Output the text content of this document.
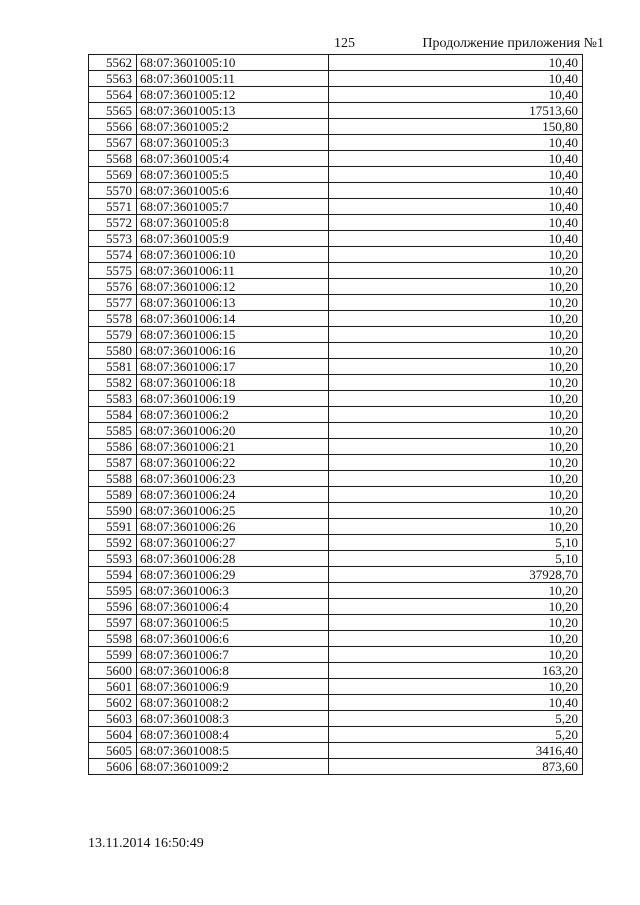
125	Продолжение приложения №1
5562	68:07:3601005:10	10,40
5563	68:07:3601005:11	10,40
5564	68:07:3601005:12	10,40
5565	68:07:3601005:13	17513,60
5566	68:07:3601005:2	150,80
5567	68:07:3601005:3	10,40
5568	68:07:3601005:4	10,40
5569	68:07:3601005:5	10,40
5570	68:07:3601005:6	10,40
5571	68:07:3601005:7	10,40
5572	68:07:3601005:8	10,40
5573	68:07:3601005:9	10,40
5574	68:07:3601006:10	10,20
5575	68:07:3601006:11	10,20
5576	68:07:3601006:12	10,20
5577	68:07:3601006:13	10,20
5578	68:07:3601006:14	10,20
5579	68:07:3601006:15	10,20
5580	68:07:3601006:16	10,20
5581	68:07:3601006:17	10,20
5582	68:07:3601006:18	10,20
5583	68:07:3601006:19	10,20
5584	68:07:3601006:2	10,20
5585	68:07:3601006:20	10,20
5586	68:07:3601006:21	10,20
5587	68:07:3601006:22	10,20
5588	68:07:3601006:23	10,20
5589	68:07:3601006:24	10,20
5590	68:07:3601006:25	10,20
5591	68:07:3601006:26	10,20
5592	68:07:3601006:27	5,10
5593	68:07:3601006:28	5,10
5594	68:07:3601006:29	37928,70
5595	68:07:3601006:3	10,20
5596	68:07:3601006:4	10,20
5597	68:07:3601006:5	10,20
5598	68:07:3601006:6	10,20
5599	68:07:3601006:7	10,20
5600	68:07:3601006:8	163,20
5601	68:07:3601006:9	10,20
5602	68:07:3601008:2	10,40
5603	68:07:3601008:3	5,20
5604	68:07:3601008:4	5,20
5605	68:07:3601008:5	3416,40
5606	68:07:3601009:2	873,60
13.11.2014 16:50:49
